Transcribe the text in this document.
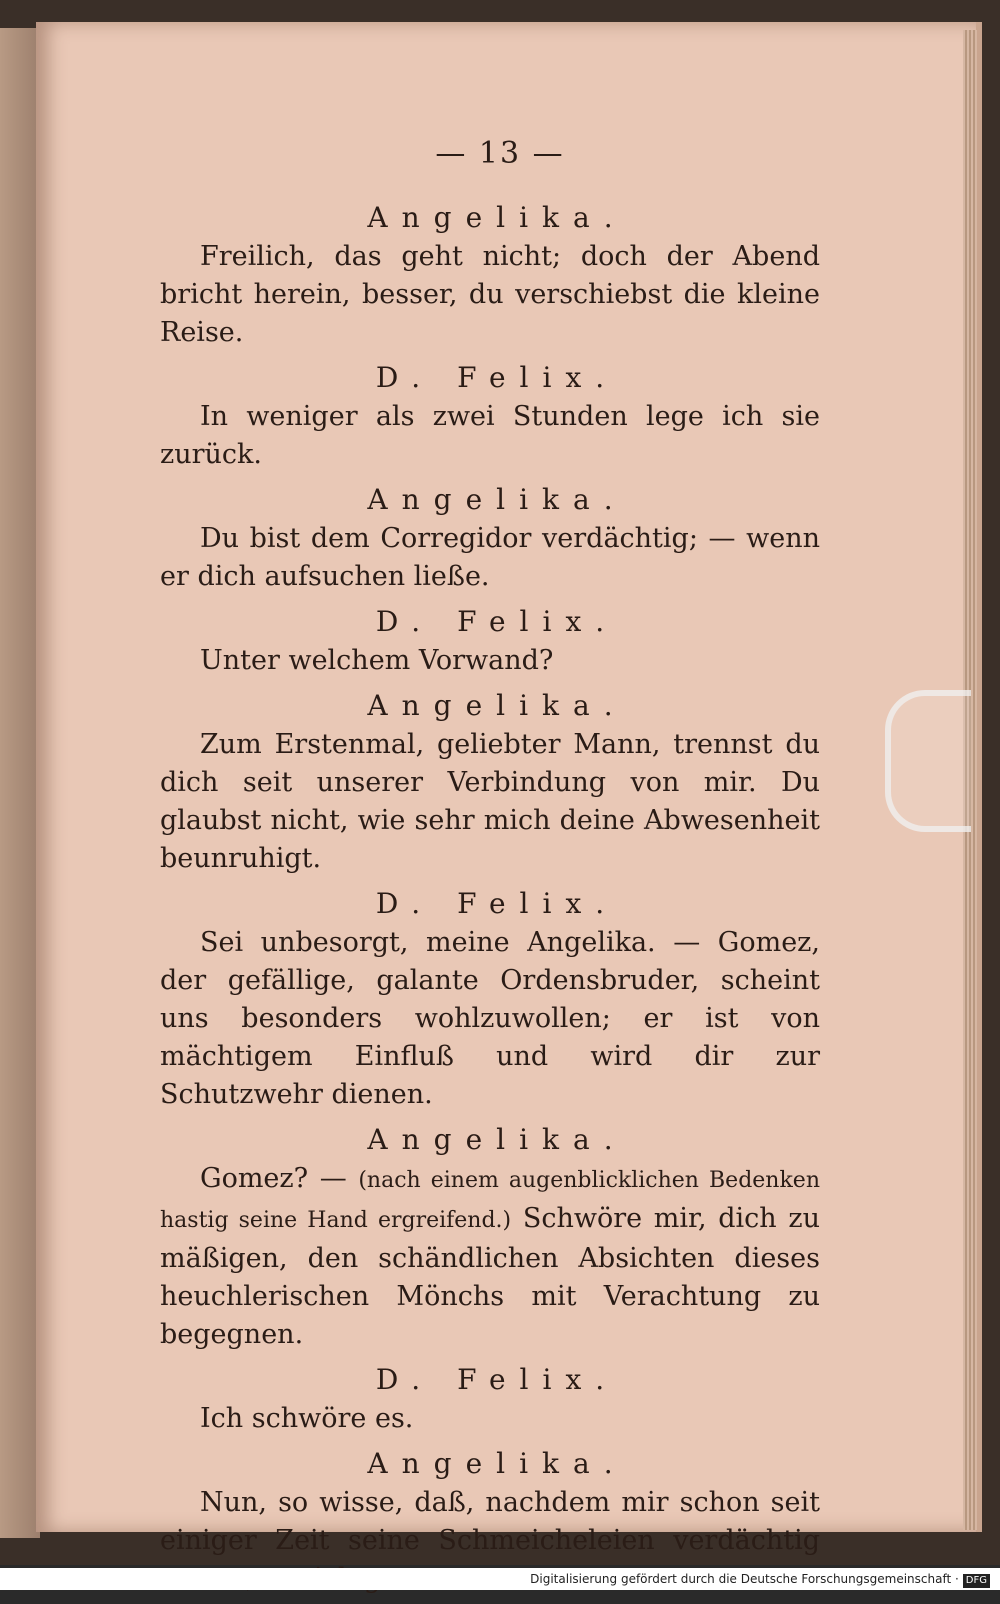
— 13 —

Angelika.

Freilich, das geht nicht; doch der Abend bricht herein, besser, du verschiebst die kleine Reise.

D. Felix.

In weniger als zwei Stunden lege ich sie zurück.

Angelika.

Du bist dem Corregidor verdächtig; — wenn er dich aufsuchen ließe.

D. Felix.

Unter welchem Vorwand?

Angelika.

Zum Erstenmal, geliebter Mann, trennst du dich seit unserer Verbindung von mir. Du glaubst nicht, wie sehr mich deine Abwesenheit beunruhigt.

D. Felix.

Sei unbesorgt, meine Angelika. — Gomez, der gefällige, galante Ordensbruder, scheint uns besonders wohlzuwollen; er ist von mächtigem Einfluß und wird dir zur Schutzwehr dienen.

Angelika.

Gomez? — (nach einem augenblicklichen Bedenken hastig seine Hand ergreifend.) Schwöre mir, dich zu mäßigen, den schändlichen Absichten dieses heuchlerischen Mönchs mit Verachtung zu begegnen.

D. Felix.

Ich schwöre es.

Angelika.

Nun, so wisse, daß, nachdem mir schon seit einiger Zeit seine Schmeicheleien verdächtig

Digitalisierung gefördert durch die Deutsche Forschungsgemeinschaft · DFG
